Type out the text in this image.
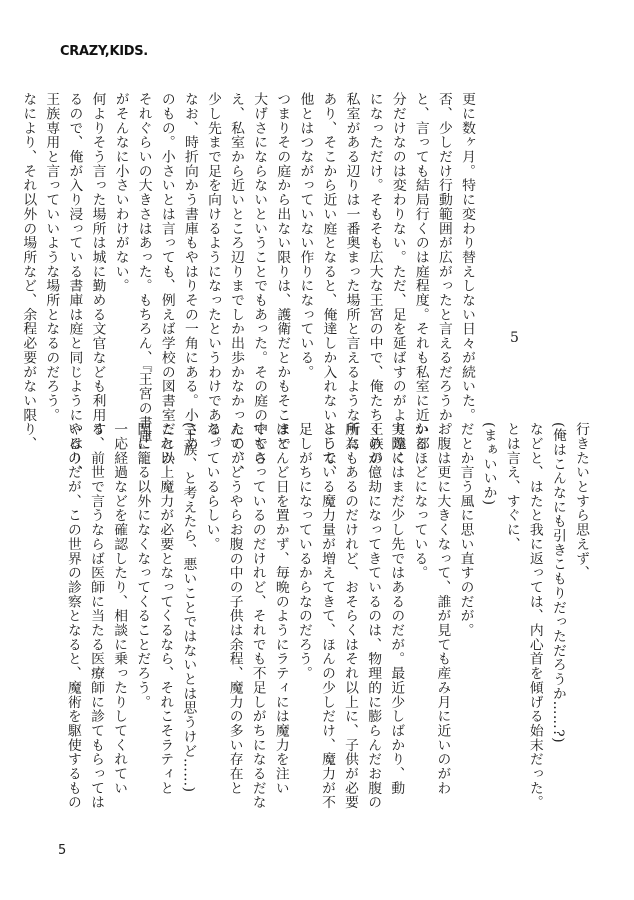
CRAZY,KIDS.
5
更に数ヶ月。特に変わり替えしない日々が続いた。
否、少しだけ行動範囲が広がったと言えるだろうか。
と、言っても結局行くのは庭程度。それも私室に近い部
分だけなのは変わりない。ただ、足を延ばすのがより遠く
になっただけ。そもそも広大な王宮の中で、俺たち王族の
私室がある辺りは一番奥まった場所と言えるような所に
あり、そこから近い庭となると、俺達しか入れないような、
他とはつながっていない作りになっている。
つまりその庭から出ない限りは、護衛だとかもそこまで
大げさにならないということでもあった。その庭の中でさ
え、私室から近いところ辺りまでしか出歩かなかったのが、
少し先まで足を向けるようになったというわけである。
なお、時折向かう書庫もやはりその一角にある。小さめ
のもの。小さいとは言っても、例えば学校の図書室だとか
それぐらいの大きさはあった。もちろん、『王宮の書庫』
がそんなに小さいわけがない。
何よりそう言った場所は城に勤める文官なども利用す
るので、俺が入り浸っている書庫は庭と同じようにやはり、
王族専用と言っていいような場所となるのだろう。
なにより、それ以外の場所など、余程必要がない限り、
行きたいとすら思えず、
(俺はこんなにも引きこもりだっただろうか……?)
などと、はたと我に返っては、内心首を傾げる始末だった。
とは言え、すぐに、
(まぁいいか)
だとか言う風に思い直すのだが。
お腹は更に大きくなって、誰が見ても産み月に近いのがわ
かるほどになっている。
実際にはまだ少し先ではあるのだが。最近少しばかり、動
くのが億劫になってきているのは、物理的に膨らんだお腹の
所為もあるのだけれど、おそらくはそれ以上に、子供が必要
としている魔力量が増えてきて、ほんの少しだけ、魔力が不
足しがちになっているからなのだろう。
ほとんど日を置かず、毎晩のようにラティには魔力を注い
でもらっているのだけれど、それでも不足しがちになるだな
んて、どうやらお腹の中の子供は余程、魔力の多い存在と
なっているらしい。
(王族、と考えたら、悪いことではないとは思うけど……)
これ以上魔力が必要となってくるなら、それこそラティと
閨に籠る以外になくなってくることだろう。
一応経過などを確認したり、相談に乗ったりしてくれてい
る、前世で言うならば医師に当たる医療師に診てもらっては
いるのだが、この世界の診察となると、魔術を駆使するもの
5
